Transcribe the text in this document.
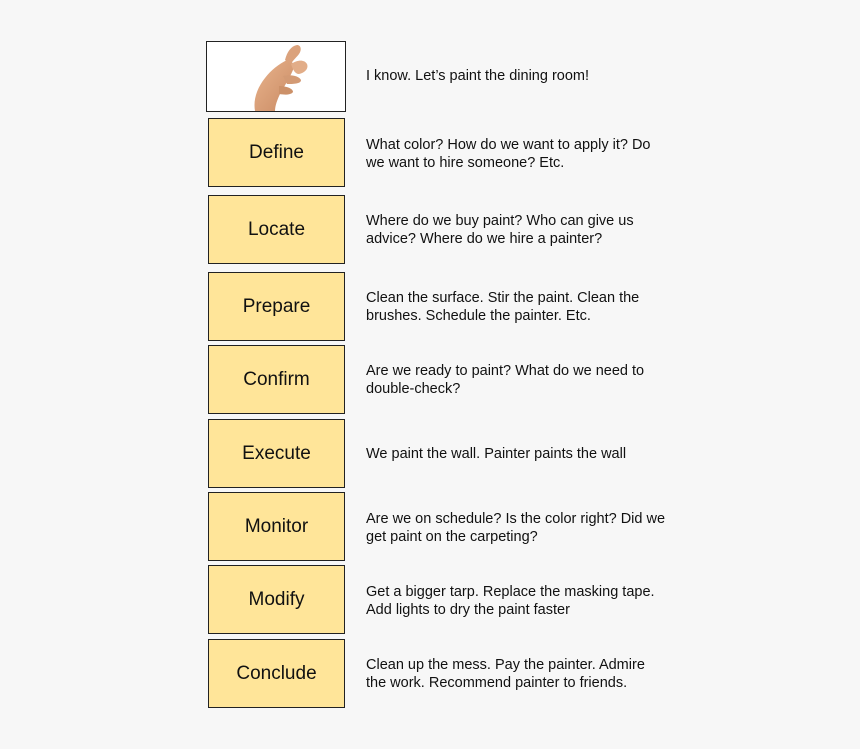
I know. Let’s paint the dining room!
Define	What color? How do we want to apply it? Do we want to hire someone? Etc.
Locate	Where do we buy paint? Who can give us advice? Where do we hire a painter?
Prepare	Clean the surface. Stir the paint. Clean the brushes. Schedule the painter. Etc.
Confirm	Are we ready to paint? What do we need to double-check?
Execute	We paint the wall. Painter paints the wall
Monitor	Are we on schedule? Is the color right? Did we get paint on the carpeting?
Modify	Get a bigger tarp. Replace the masking tape. Add lights to dry the paint faster
Conclude	Clean up the mess. Pay the painter. Admire the work. Recommend painter to friends.
